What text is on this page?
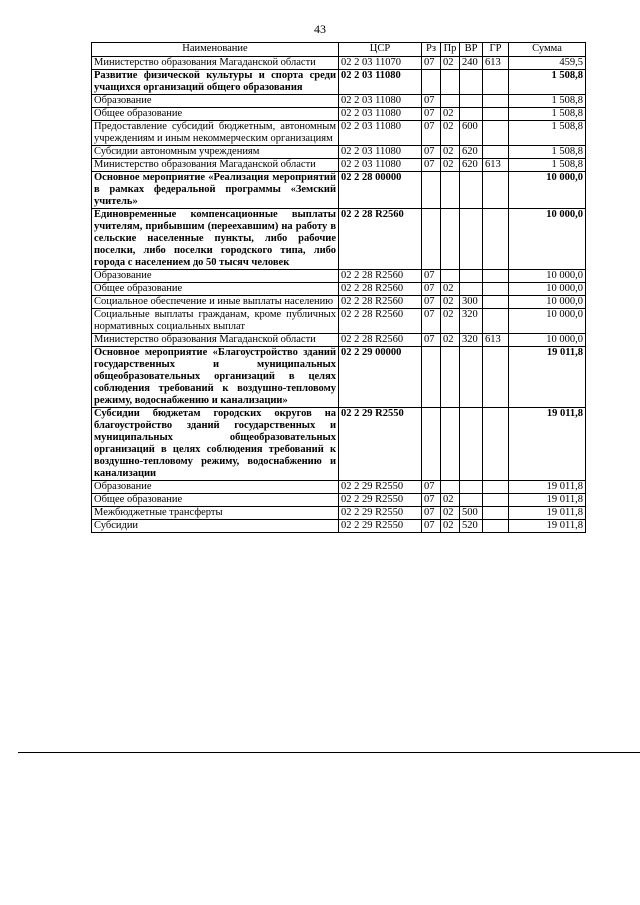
43
Наименование	ЦСР	Рз	Пр	ВР	ГР	Сумма
Министерство образования Магаданской области	02 2 03 11070	07	02	240	613	459,5
Развитие физической культуры и спорта среди учащихся организаций общего образования	02 2 03 11080					1 508,8
Образование	02 2 03 11080	07				1 508,8
Общее образование	02 2 03 11080	07	02			1 508,8
Предоставление субсидий бюджетным, автономным учреждениям и иным некоммерческим организациям	02 2 03 11080	07	02	600		1 508,8
Субсидии автономным учреждениям	02 2 03 11080	07	02	620		1 508,8
Министерство образования Магаданской области	02 2 03 11080	07	02	620	613	1 508,8
Основное мероприятие «Реализация мероприятий в рамках федеральной программы «Земский учитель»	02 2 28 00000					10 000,0
Единовременные компенсационные выплаты учителям, прибывшим (переехавшим) на работу в сельские населенные пункты, либо рабочие поселки, либо поселки городского типа, либо города с населением до 50 тысяч человек	02 2 28 R2560					10 000,0
Образование	02 2 28 R2560	07				10 000,0
Общее образование	02 2 28 R2560	07	02			10 000,0
Социальное обеспечение и иные выплаты населению	02 2 28 R2560	07	02	300		10 000,0
Социальные выплаты гражданам, кроме публичных нормативных социальных выплат	02 2 28 R2560	07	02	320		10 000,0
Министерство образования Магаданской области	02 2 28 R2560	07	02	320	613	10 000,0
Основное мероприятие «Благоустройство зданий государственных и муниципальных общеобразовательных организаций в целях соблюдения требований к воздушно-тепловому режиму, водоснабжению и канализации»	02 2 29 00000					19 011,8
Субсидии бюджетам городских округов на благоустройство зданий государственных и муниципальных общеобразовательных организаций в целях соблюдения требований к воздушно-тепловому режиму, водоснабжению и канализации	02 2 29 R2550					19 011,8
Образование	02 2 29 R2550	07				19 011,8
Общее образование	02 2 29 R2550	07	02			19 011,8
Межбюджетные трансферты	02 2 29 R2550	07	02	500		19 011,8
Субсидии	02 2 29 R2550	07	02	520		19 011,8
